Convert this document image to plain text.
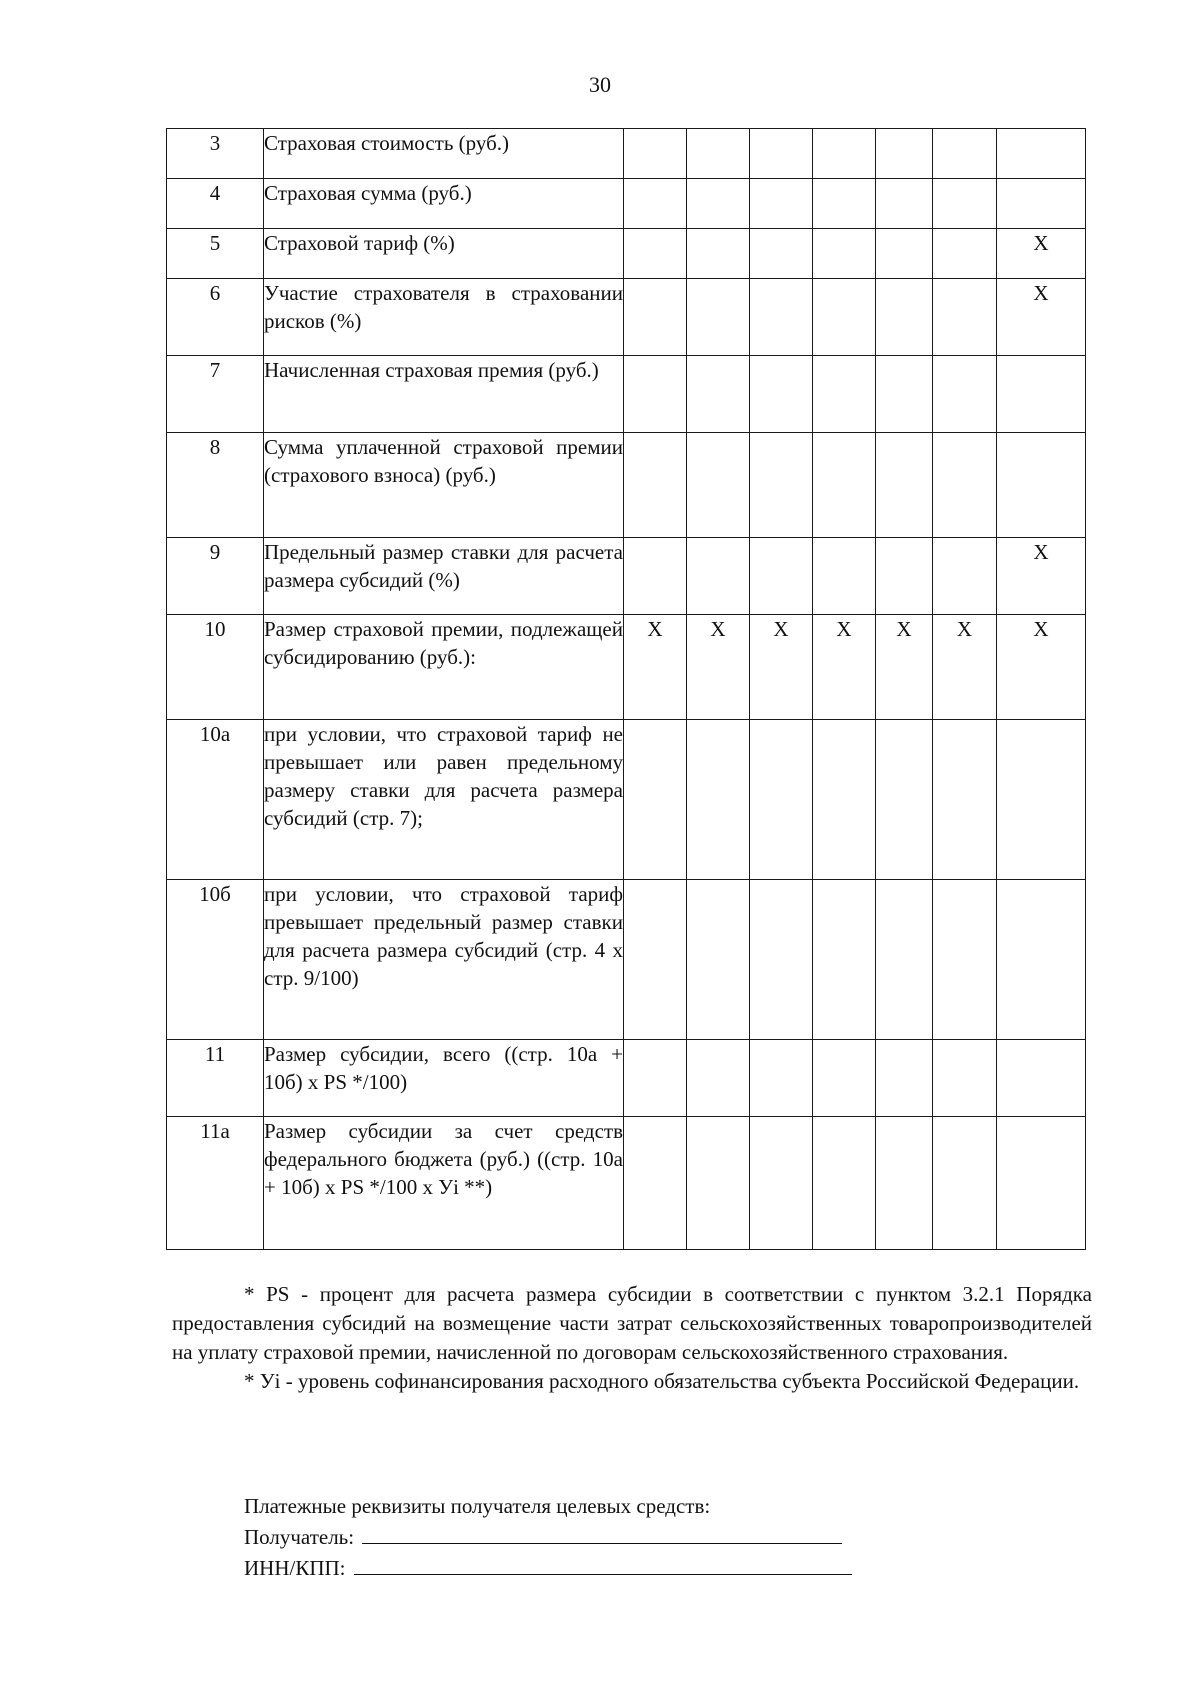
30
3	Страховая стоимость (руб.)							

4	Страховая сумма (руб.)							

5	Страховой тариф (%)							X
6	Участие страхователя в страховании рисков (%)							X
7	Начисленная страховая премия (руб.)							

8	Сумма уплаченной страховой премии (страхового взноса) (руб.)							

9	Предельный размер ставки для расчета размера субсидий (%)							X
10	Размер страховой премии, подлежащей субсидированию (руб.):	X	X	X	X	X	X	X
10а	при условии, что страховой тариф не превышает или равен предельному размеру ставки для расчета размера субсидий (стр. 7);							

10б	при условии, что страховой тариф превышает предельный размер ставки для расчета размера субсидий (стр. 4 х стр. 9/100)							

11	Размер субсидии, всего ((стр. 10а + 10б) х PS */100)							

11а	Размер субсидии за счет средств федерального бюджета (руб.) ((стр. 10а + 10б) х PS */100 х Уi **)							

* PS - процент для расчета размера субсидии в соответствии с пунктом 3.2.1 Порядка предоставления субсидий на возмещение части затрат сельскохозяйственных товаропроизводителей на уплату страховой премии, начисленной по договорам сельскохозяйственного страхования.

* Уi - уровень софинансирования расходного обязательства субъекта Российской Федерации.

Платежные реквизиты получателя целевых средств:
Получатель:
ИНН/КПП:
